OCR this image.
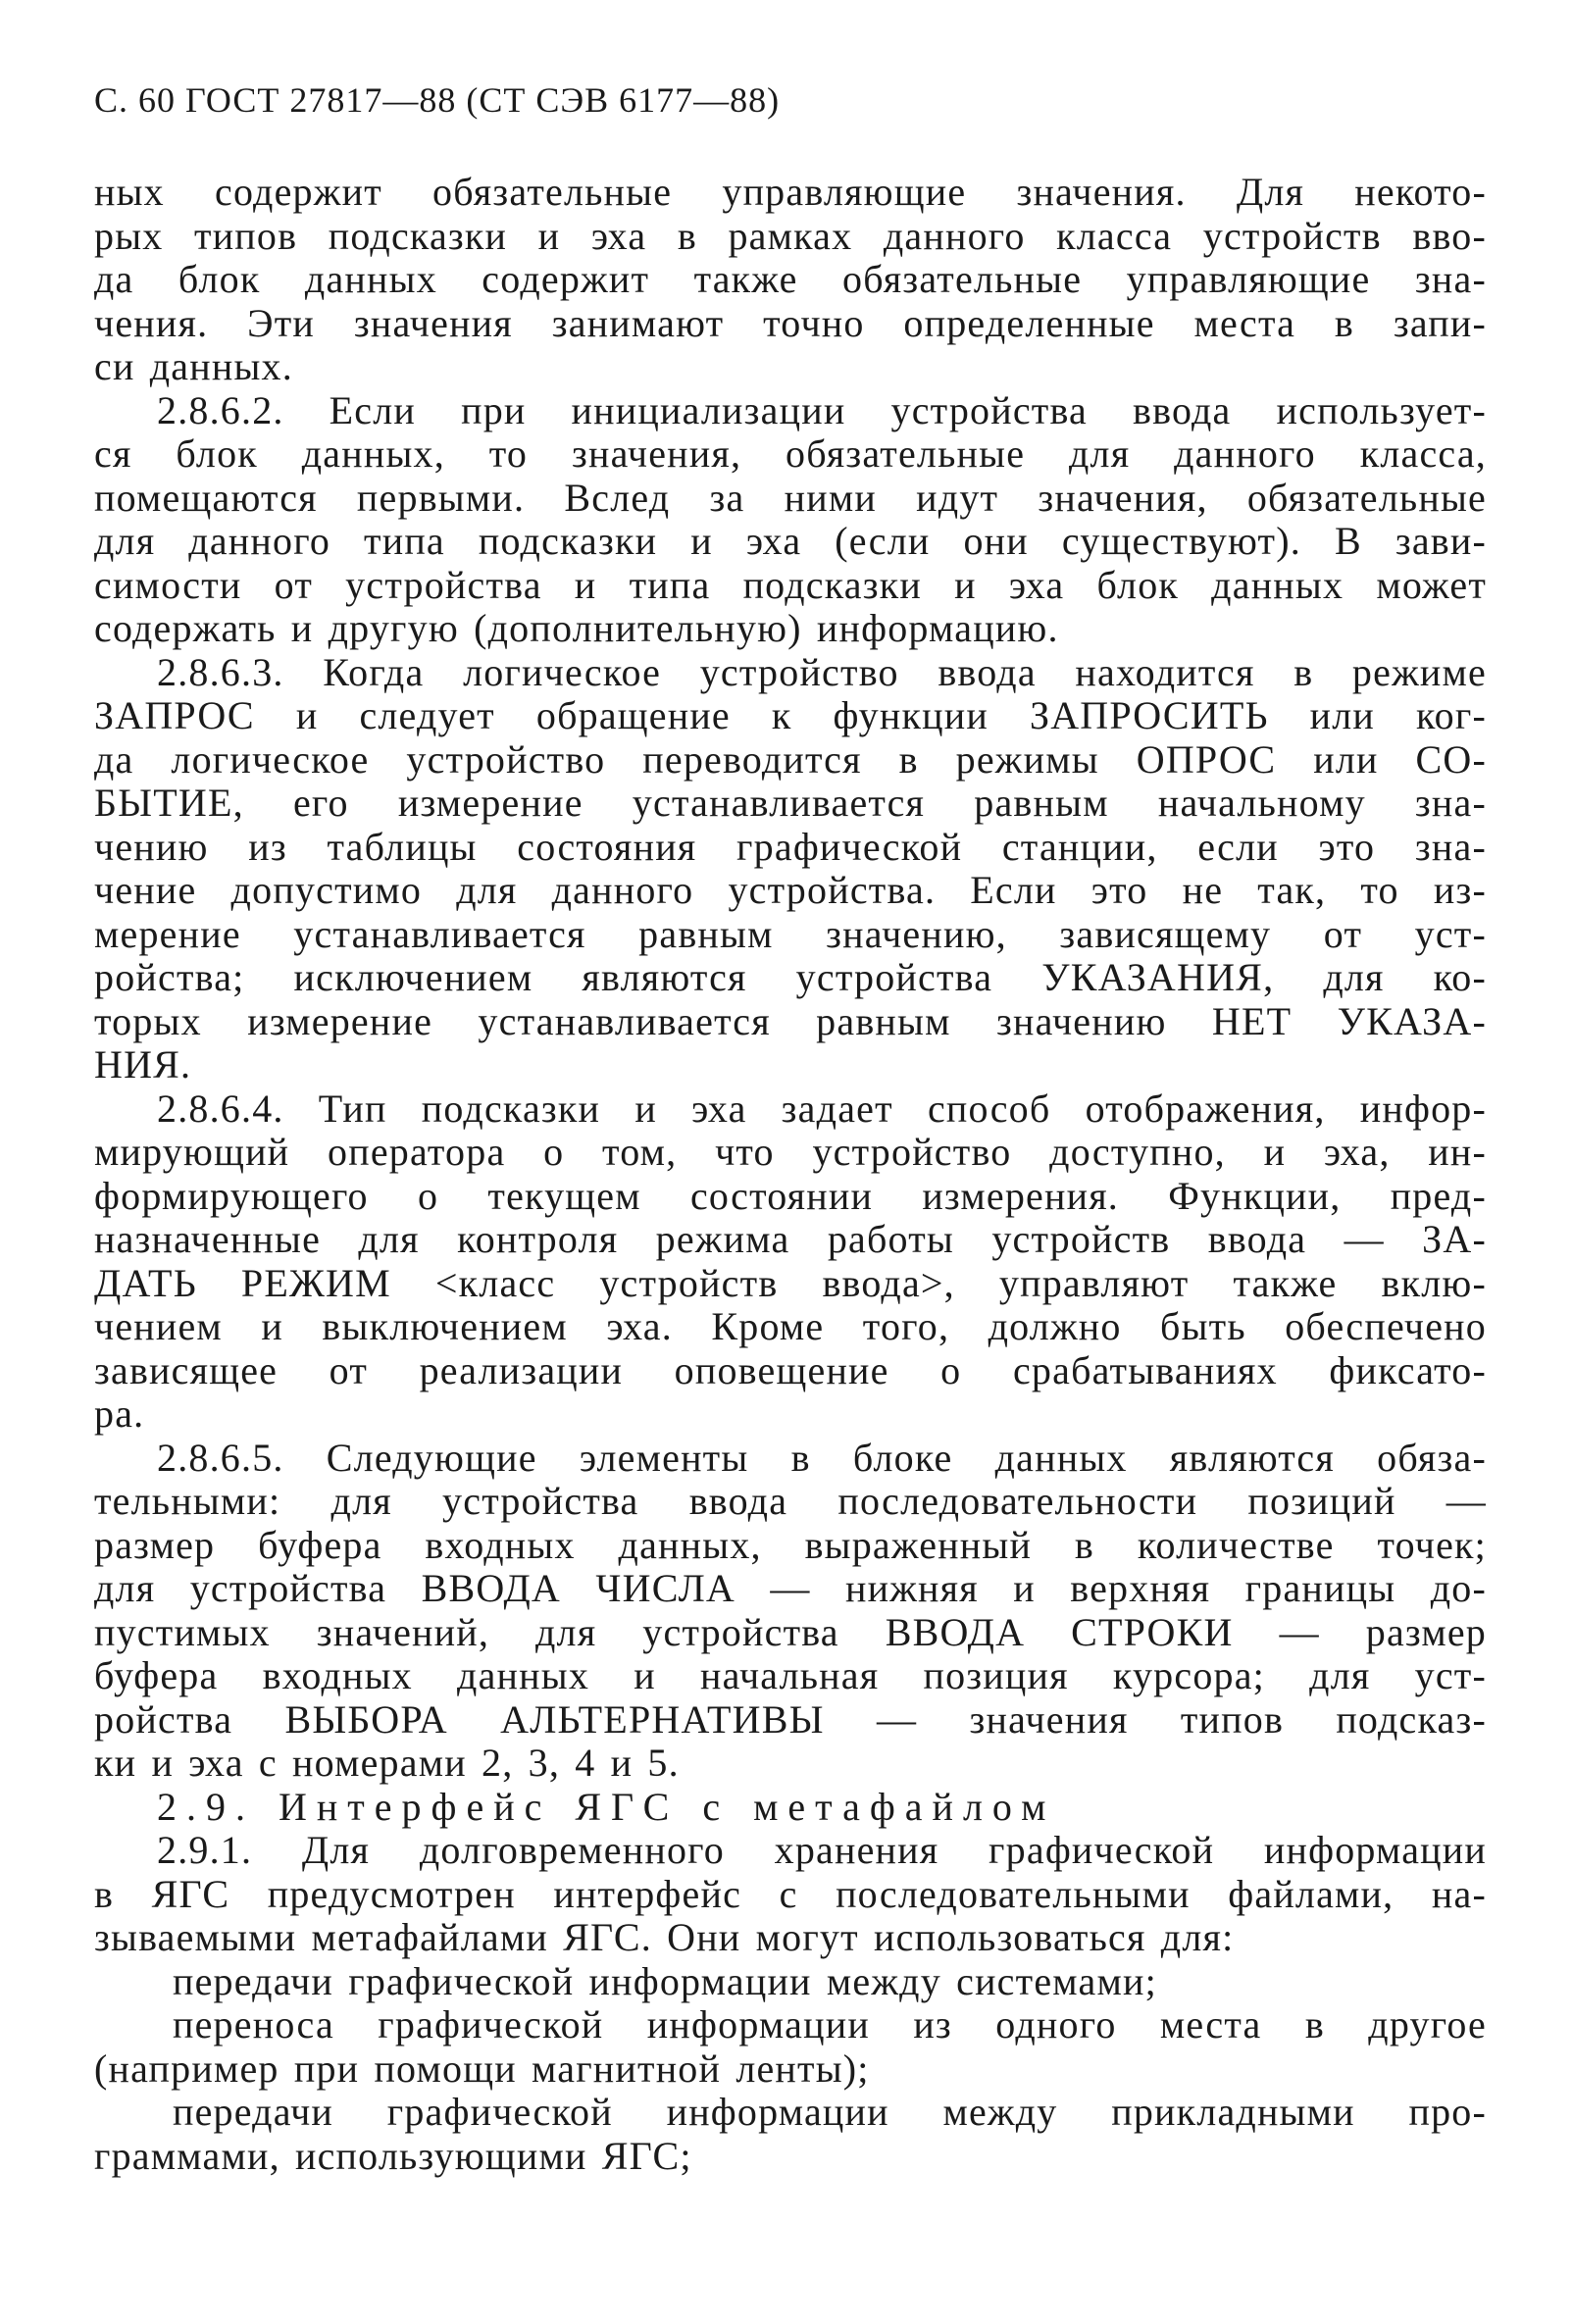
С. 60 ГОСТ 27817—88 (СТ СЭВ 6177—88)
ных содержит обязательные управляющие значения. Для некото-
рых типов подсказки и эха в рамках данного класса устройств вво-
да блок данных содержит также обязательные управляющие зна-
чения. Эти значения занимают точно определенные места в запи-
си данных.
2.8.6.2. Если при инициализации устройства ввода использует-
ся блок данных, то значения, обязательные для данного класса,
помещаются первыми. Вслед за ними идут значения, обязательные
для данного типа подсказки и эха (если они существуют). В зави-
симости от устройства и типа подсказки и эха блок данных может
содержать и другую (дополнительную) информацию.
2.8.6.3. Когда логическое устройство ввода находится в режиме
ЗАПРОС и следует обращение к функции ЗАПРОСИТЬ или ког-
да логическое устройство переводится в режимы ОПРОС или СО-
БЫТИЕ, его измерение устанавливается равным начальному зна-
чению из таблицы состояния графической станции, если это зна-
чение допустимо для данного устройства. Если это не так, то из-
мерение устанавливается равным значению, зависящему от уст-
ройства; исключением являются устройства УКАЗАНИЯ, для ко-
торых измерение устанавливается равным значению НЕТ УКАЗА-
НИЯ.
2.8.6.4. Тип подсказки и эха задает способ отображения, инфор-
мирующий оператора о том, что устройство доступно, и эха, ин-
формирующего о текущем состоянии измерения. Функции, пред-
назначенные для контроля режима работы устройств ввода — ЗА-
ДАТЬ РЕЖИМ <класс устройств ввода>, управляют также вклю-
чением и выключением эха. Кроме того, должно быть обеспечено
зависящее от реализации оповещение о срабатываниях фиксато-
ра.
2.8.6.5. Следующие элементы в блоке данных являются обяза-
тельными: для устройства ввода последовательности позиций —
размер буфера входных данных, выраженный в количестве точек;
для устройства ВВОДА ЧИСЛА — нижняя и верхняя границы до-
пустимых значений, для устройства ВВОДА СТРОКИ — размер
буфера входных данных и начальная позиция курсора; для уст-
ройства ВЫБОРА АЛЬТЕРНАТИВЫ — значения типов подсказ-
ки и эха с номерами 2, 3, 4 и 5.
2.9. Интерфейс ЯГС с метафайлом
2.9.1. Для долговременного хранения графической информации
в ЯГС предусмотрен интерфейс с последовательными файлами, на-
зываемыми метафайлами ЯГС. Они могут использоваться для:
передачи графической информации между системами;
переноса графической информации из одного места в другое
(например при помощи магнитной ленты);
передачи графической информации между прикладными про-
граммами, использующими ЯГС;
